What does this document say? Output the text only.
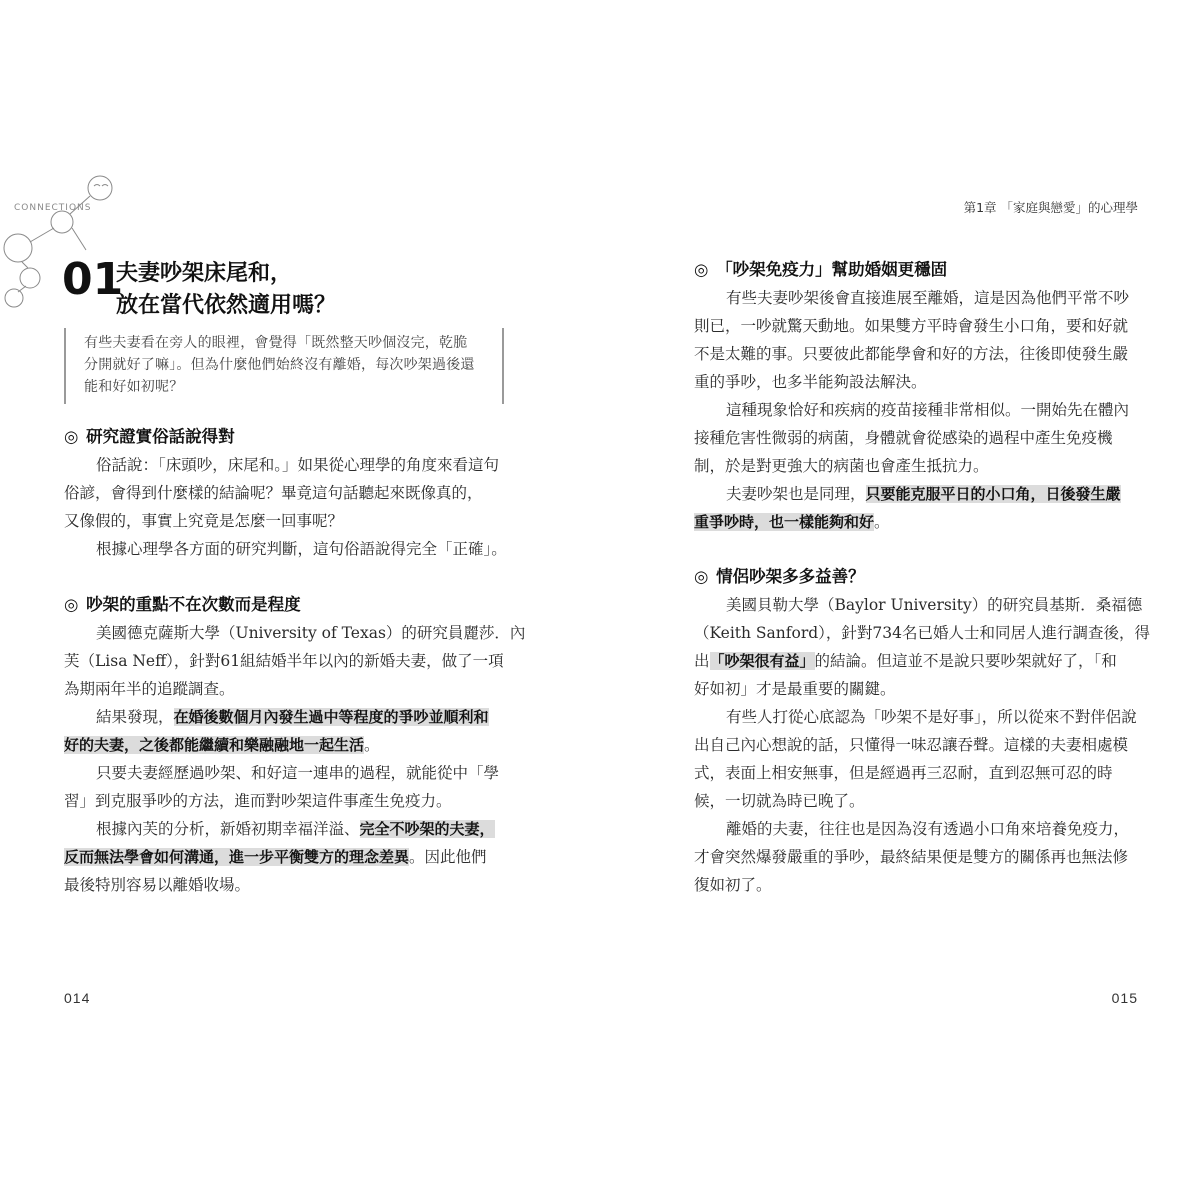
CONNECTIONS
01
夫妻吵架床尾和，
放在當代依然適用嗎？

有些夫妻看在旁人的眼裡，會覺得「既然整天吵個沒完，乾脆
分開就好了嘛」。但為什麼他們始終沒有離婚，每次吵架過後還
能和好如初呢？

◎ 研究證實俗話說得對

俗話說：「床頭吵，床尾和。」如果從心理學的角度來看這句
俗諺，會得到什麼樣的結論呢？畢竟這句話聽起來既像真的，
又像假的，事實上究竟是怎麼一回事呢？

根據心理學各方面的研究判斷，這句俗語說得完全「正確」。

◎ 吵架的重點不在次數而是程度

美國德克薩斯大學（University of Texas）的研究員麗莎．內
芙（Lisa Neff），針對61組結婚半年以內的新婚夫妻，做了一項
為期兩年半的追蹤調查。

結果發現，在婚後數個月內發生過中等程度的爭吵並順利和
好的夫妻，之後都能繼續和樂融融地一起生活。

只要夫妻經歷過吵架、和好這一連串的過程，就能從中「學
習」到克服爭吵的方法，進而對吵架這件事產生免疫力。

根據內芙的分析，新婚初期幸福洋溢、完全不吵架的夫妻，
反而無法學會如何溝通，進一步平衡雙方的理念差異。因此他們
最後特別容易以離婚收場。

014

第1章 「家庭與戀愛」的心理學

◎ 「吵架免疫力」幫助婚姻更穩固

有些夫妻吵架後會直接進展至離婚，這是因為他們平常不吵
則已，一吵就驚天動地。如果雙方平時會發生小口角，要和好就
不是太難的事。只要彼此都能學會和好的方法，往後即使發生嚴
重的爭吵，也多半能夠設法解決。

這種現象恰好和疾病的疫苗接種非常相似。一開始先在體內
接種危害性微弱的病菌，身體就會從感染的過程中產生免疫機
制，於是對更強大的病菌也會產生抵抗力。

夫妻吵架也是同理，只要能克服平日的小口角，日後發生嚴
重爭吵時，也一樣能夠和好。

◎ 情侶吵架多多益善？

美國貝勒大學（Baylor University）的研究員基斯．桑福德
（Keith Sanford），針對734名已婚人士和同居人進行調查後，得
出「吵架很有益」的結論。但這並不是說只要吵架就好了，「和
好如初」才是最重要的關鍵。

有些人打從心底認為「吵架不是好事」，所以從來不對伴侶說
出自己內心想說的話，只懂得一味忍讓吞聲。這樣的夫妻相處模
式，表面上相安無事，但是經過再三忍耐，直到忍無可忍的時
候，一切就為時已晚了。

離婚的夫妻，往往也是因為沒有透過小口角來培養免疫力，
才會突然爆發嚴重的爭吵，最終結果便是雙方的關係再也無法修
復如初了。

015
